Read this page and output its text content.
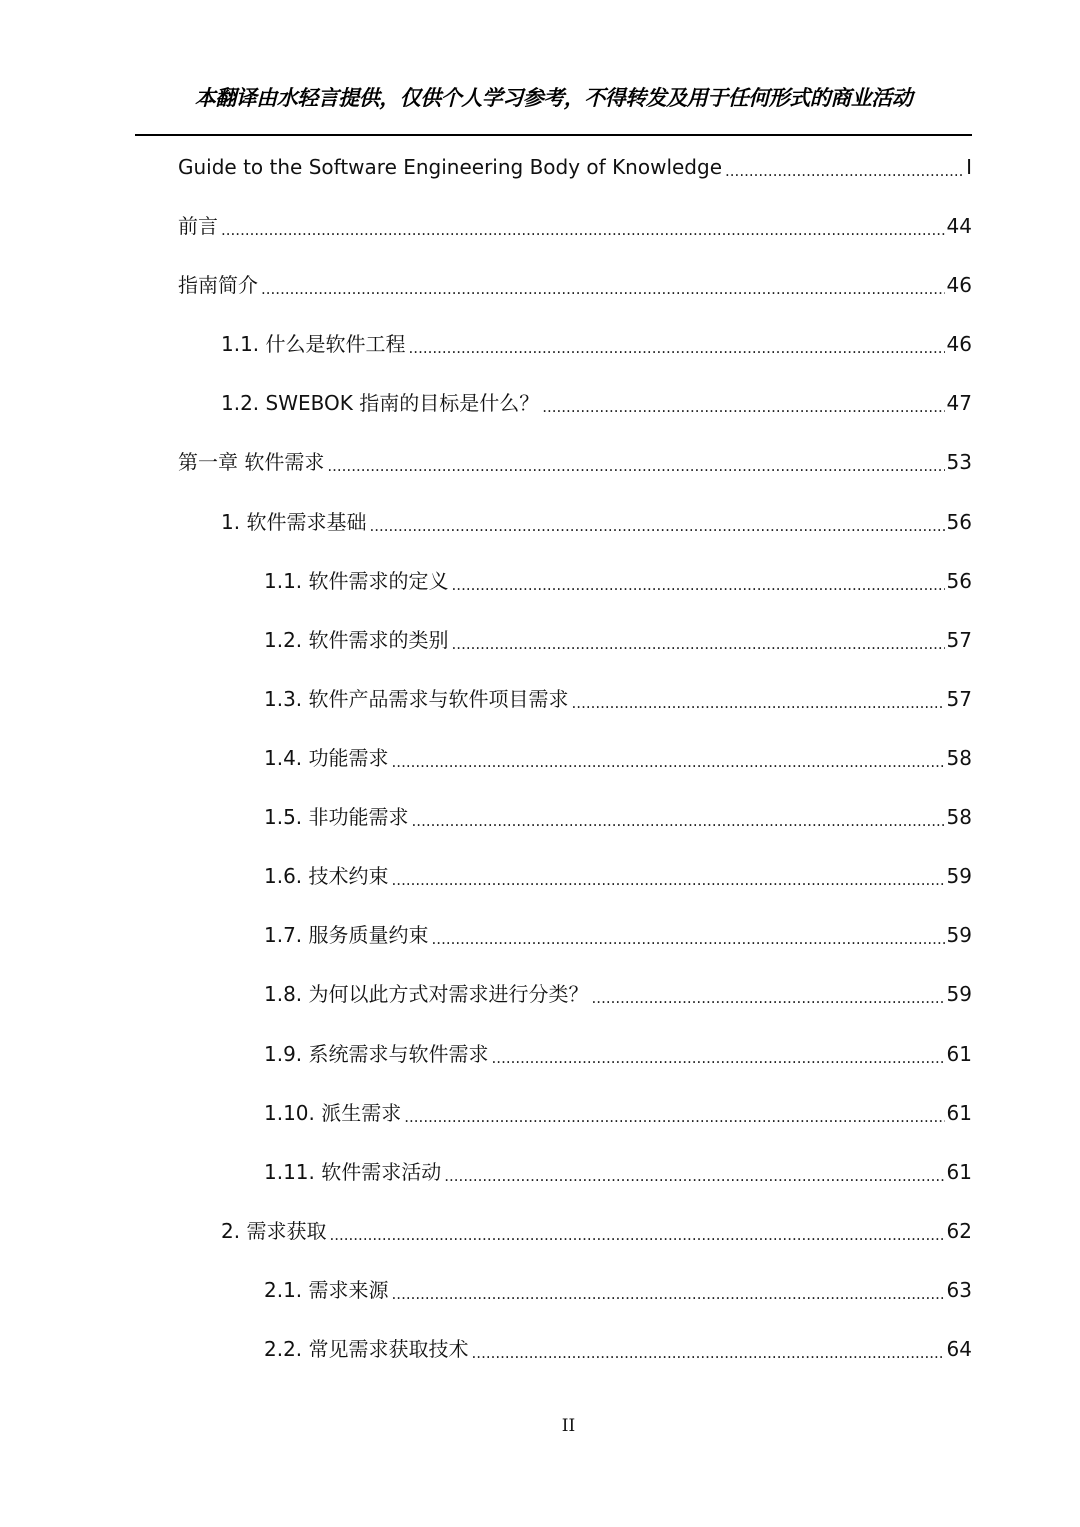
本翻译由水轻言提供，仅供个人学习参考，不得转发及用于任何形式的商业活动
Guide to the Software Engineering Body of Knowledge .....	I
前言 .....	44
指南简介 .....	46
1.1. 什么是软件工程 .....	46
1.2. SWEBOK 指南的目标是什么？ .....	47
第一章 软件需求 .....	53
1. 软件需求基础 .....	56
1.1. 软件需求的定义 .....	56
1.2. 软件需求的类别 .....	57
1.3. 软件产品需求与软件项目需求 .....	57
1.4. 功能需求 .....	58
1.5. 非功能需求 .....	58
1.6. 技术约束 .....	59
1.7. 服务质量约束 .....	59
1.8. 为何以此方式对需求进行分类？ .....	59
1.9. 系统需求与软件需求 .....	61
1.10. 派生需求 .....	61
1.11. 软件需求活动 .....	61
2. 需求获取 .....	62
2.1. 需求来源 .....	63
2.2. 常见需求获取技术 .....	64
II
